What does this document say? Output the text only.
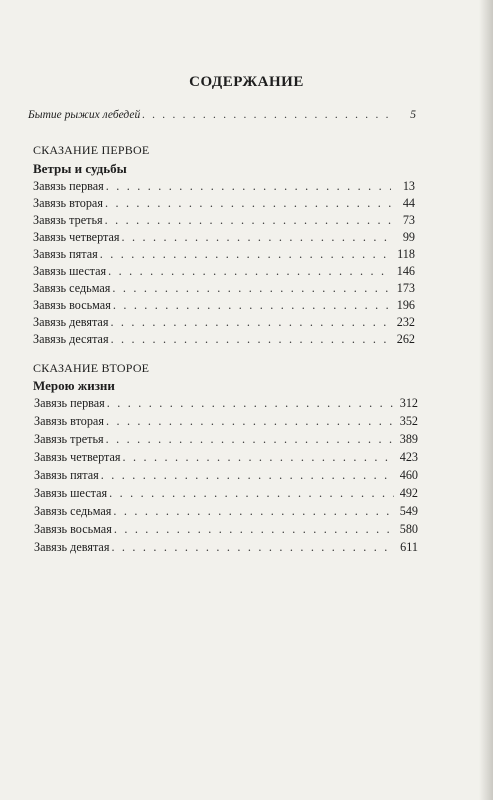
СОДЕРЖАНИЕ
Бытие рыжих лебедей . . .	5
СКАЗАНИЕ ПЕРВОЕ
Ветры и судьбы
Завязь первая . . .	13
Завязь вторая . . .	44
Завязь третья . . .	73
Завязь четвертая . . .	99
Завязь пятая . . .	118
Завязь шестая . . .	146
Завязь седьмая . . .	173
Завязь восьмая . . .	196
Завязь девятая . . .	232
Завязь десятая . . .	262
СКАЗАНИЕ ВТОРОЕ
Мерою жизни
Завязь первая . . .	312
Завязь вторая . . .	352
Завязь третья . . .	389
Завязь четвертая . . .	423
Завязь пятая . . .	460
Завязь шестая . . .	492
Завязь седьмая . . .	549
Завязь восьмая . . .	580
Завязь девятая . . .	611
